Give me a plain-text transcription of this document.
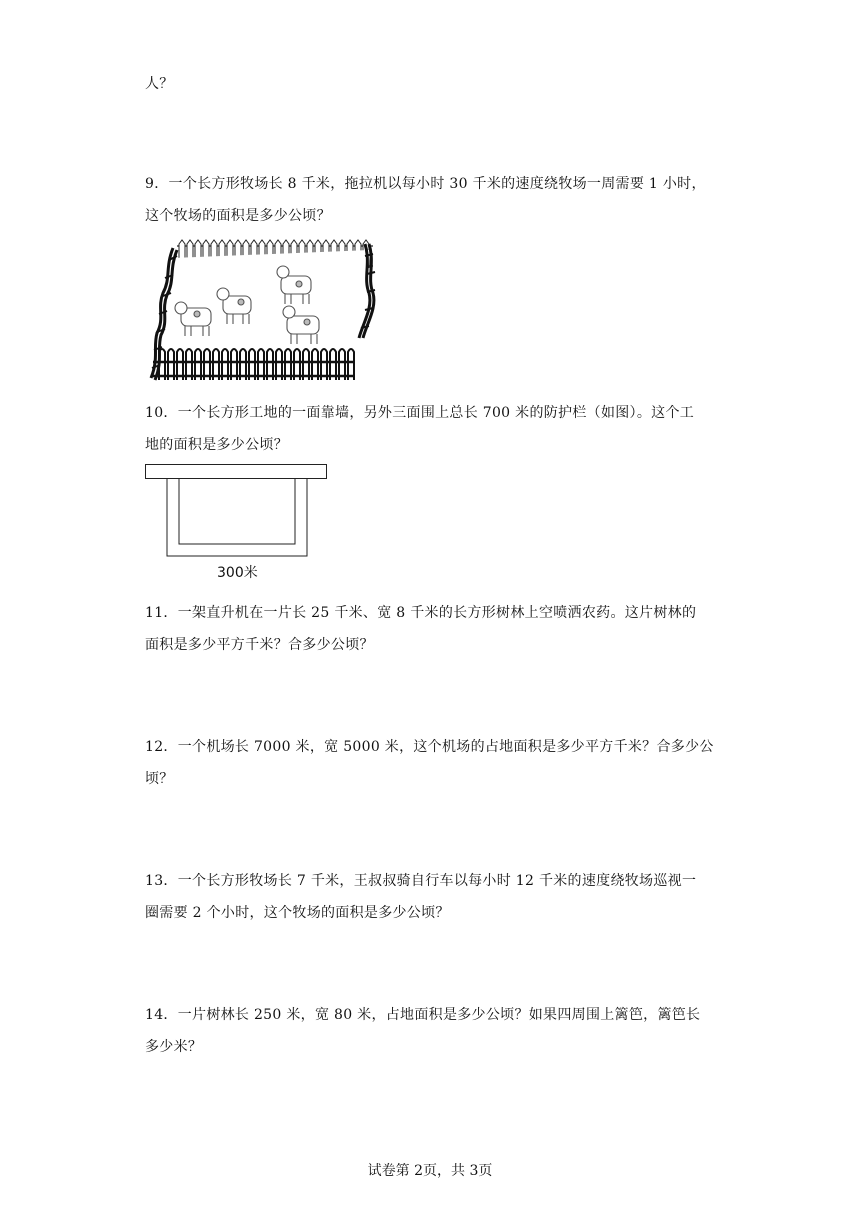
人？
9．一个长方形牧场长 8 千米，拖拉机以每小时 30 千米的速度绕牧场一周需要 1 小时，
这个牧场的面积是多少公顷？
10．一个长方形工地的一面靠墙，另外三面围上总长 700 米的防护栏（如图）。这个工
地的面积是多少公顷？
300米
11．一架直升机在一片长 25 千米、宽 8 千米的长方形树林上空喷洒农药。这片树林的
面积是多少平方千米？合多少公顷？
12．一个机场长 7000 米，宽 5000 米，这个机场的占地面积是多少平方千米？合多少公
顷？
13．一个长方形牧场长 7 千米，王叔叔骑自行车以每小时 12 千米的速度绕牧场巡视一
圈需要 2 个小时，这个牧场的面积是多少公顷？
14．一片树林长 250 米，宽 80 米，占地面积是多少公顷？如果四周围上篱笆，篱笆长
多少米？
试卷第 2页，共 3页
